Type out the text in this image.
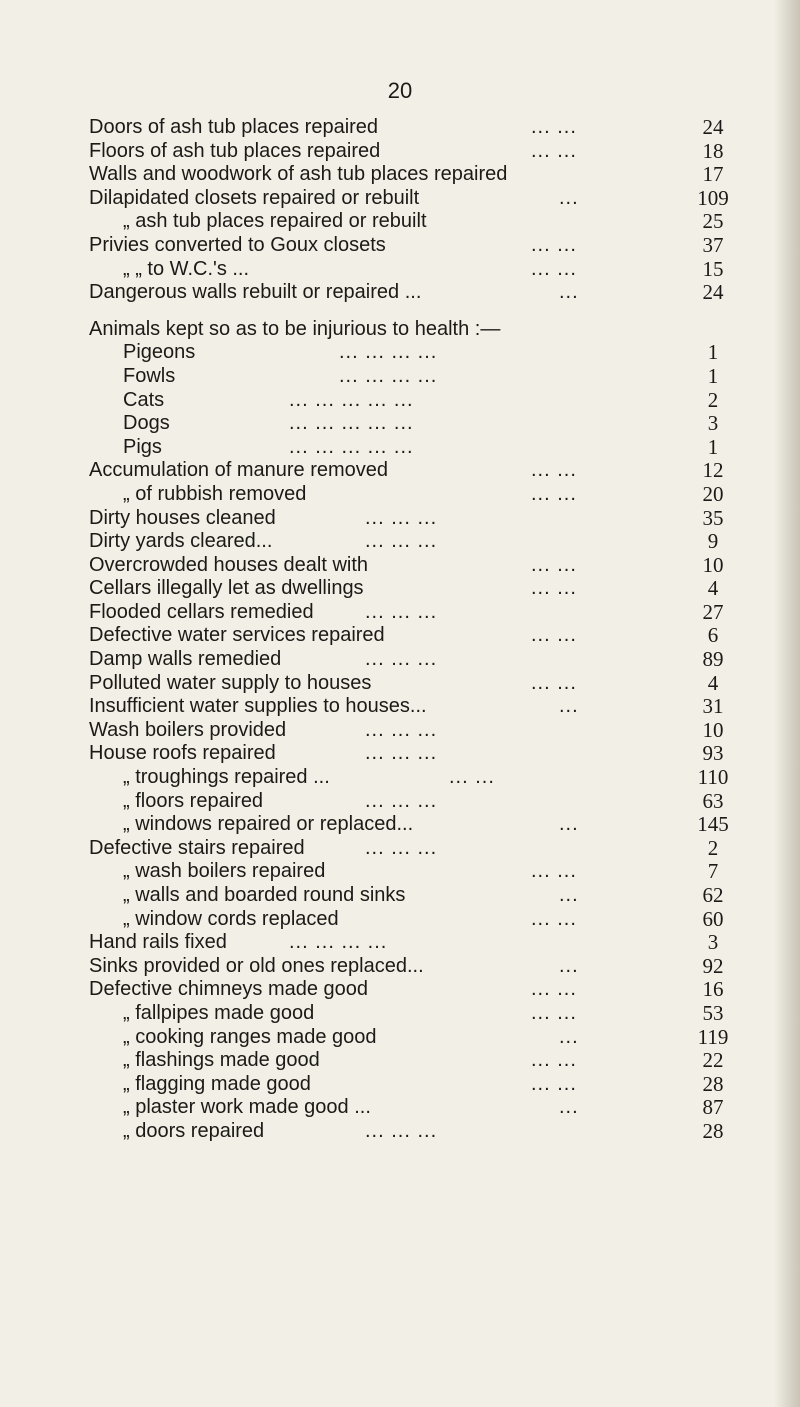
20
Doors of ash tub places repaired	... ...	24
Floors of ash tub places repaired	... ...	18
Walls and woodwork of ash tub places repaired	17
Dilapidated closets repaired or rebuilt	...	109
„ ash tub places repaired or rebuilt	25
Privies converted to Goux closets	... ...	37
„ „ to W.C.'s ...	... ...	15
Dangerous walls rebuilt or repaired ...	...	24
Animals kept so as to be injurious to health :—
Pigeons	... ... ... ...	1
Fowls	... ... ... ...	1
Cats	... ... ... ... ...	2
Dogs	... ... ... ... ...	3
Pigs	... ... ... ... ...	1
Accumulation of manure removed	... ...	12
„ of rubbish removed	... ...	20
Dirty houses cleaned	... ... ...	35
Dirty yards cleared...	... ... ...	9
Overcrowded houses dealt with	... ...	10
Cellars illegally let as dwellings	... ...	4
Flooded cellars remedied	... ... ...	27
Defective water services repaired	... ...	6
Damp walls remedied	... ... ...	89
Polluted water supply to houses	... ...	4
Insufficient water supplies to houses...	...	31
Wash boilers provided	... ... ...	10
House roofs repaired	... ... ...	93
„ troughings repaired ...	... ...	110
„ floors repaired	... ... ...	63
„ windows repaired or replaced...	...	145
Defective stairs repaired	... ... ...	2
„ wash boilers repaired	... ...	7
„ walls and boarded round sinks	...	62
„ window cords replaced	... ...	60
Hand rails fixed	... ... ... ...	3
Sinks provided or old ones replaced...	...	92
Defective chimneys made good	... ...	16
„ fallpipes made good	... ...	53
„ cooking ranges made good	...	119
„ flashings made good	... ...	22
„ flagging made good	... ...	28
„ plaster work made good ...	...	87
„ doors repaired	... ... ...	28
